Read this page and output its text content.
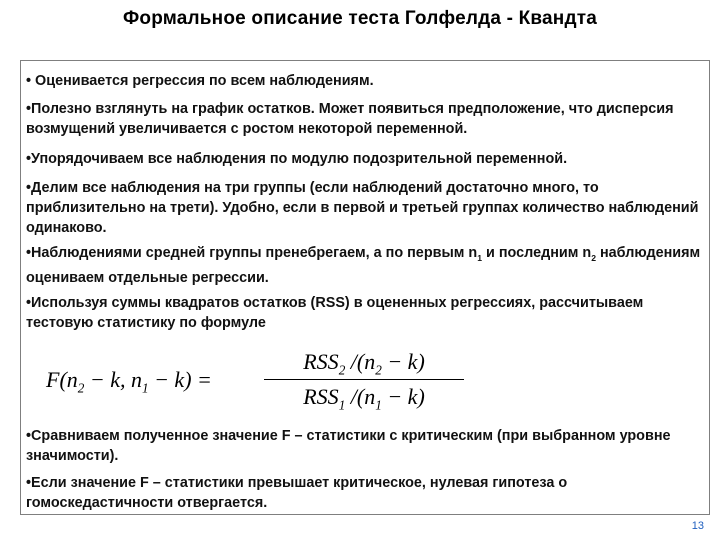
Формальное описание теста Голфелда - Квандта
• Оценивается регрессия по всем наблюдениям.
•Полезно взглянуть на график остатков. Может появиться предположение, что дисперсия возмущений увеличивается с ростом некоторой переменной.
•Упорядочиваем все наблюдения по модулю подозрительной переменной.
•Делим все наблюдения на три группы (если наблюдений достаточно много, то приблизительно на трети). Удобно, если в первой и третьей группах количество наблюдений одинаково.
•Наблюдениями средней группы пренебрегаем, а по первым $n_1$ и последним $n_2$ наблюдениям оцениваем отдельные регрессии.
•Используя суммы квадратов остатков (RSS) в оцененных регрессиях, рассчитываем тестовую статистику по формуле
$F(n_2 - k$, $n_1 - k$) =
$RSS_2$ $/(n_2 - k)$
$RSS_1$ $/(n_1 - k)$
•Сравниваем полученное значение F – статистики с критическим (при выбранном уровне значимости).
•Если значение F – статистики превышает критическое, нулевая гипотеза о гомоскедастичности отвергается.
13
